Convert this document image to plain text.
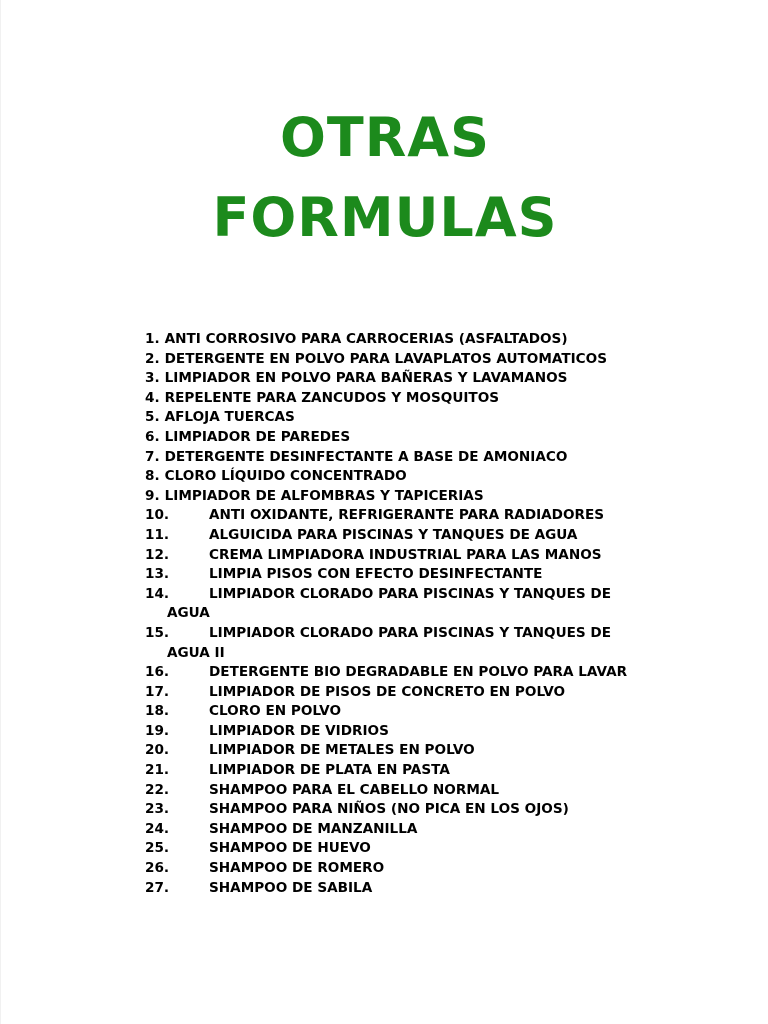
OTRAS
FORMULAS
1. ANTI CORROSIVO PARA CARROCERIAS (ASFALTADOS)
2. DETERGENTE EN POLVO PARA LAVAPLATOS AUTOMATICOS
3. LIMPIADOR EN POLVO PARA BAÑERAS Y LAVAMANOS
4. REPELENTE PARA ZANCUDOS Y MOSQUITOS
5. AFLOJA TUERCAS
6. LIMPIADOR DE PAREDES
7. DETERGENTE DESINFECTANTE A BASE DE AMONIACO
8. CLORO LÍQUIDO CONCENTRADO
9. LIMPIADOR DE ALFOMBRAS Y TAPICERIAS
10.	ANTI OXIDANTE, REFRIGERANTE PARA RADIADORES
11.	ALGUICIDA PARA PISCINAS Y TANQUES DE AGUA
12.	CREMA LIMPIADORA INDUSTRIAL PARA LAS MANOS
13.	LIMPIA PISOS CON EFECTO DESINFECTANTE
14.	LIMPIADOR CLORADO PARA PISCINAS Y TANQUES DE
AGUA
15.	LIMPIADOR CLORADO PARA PISCINAS Y TANQUES DE
AGUA II
16.	DETERGENTE BIO DEGRADABLE EN POLVO PARA LAVAR
17.	LIMPIADOR DE PISOS DE CONCRETO EN POLVO
18.	CLORO EN POLVO
19.	LIMPIADOR DE VIDRIOS
20.	LIMPIADOR DE METALES EN POLVO
21.	LIMPIADOR DE PLATA EN PASTA
22.	SHAMPOO PARA EL CABELLO NORMAL
23.	SHAMPOO PARA NIÑOS (NO PICA EN LOS OJOS)
24.	SHAMPOO DE MANZANILLA
25.	SHAMPOO DE HUEVO
26.	SHAMPOO DE ROMERO
27.	SHAMPOO DE SABILA
